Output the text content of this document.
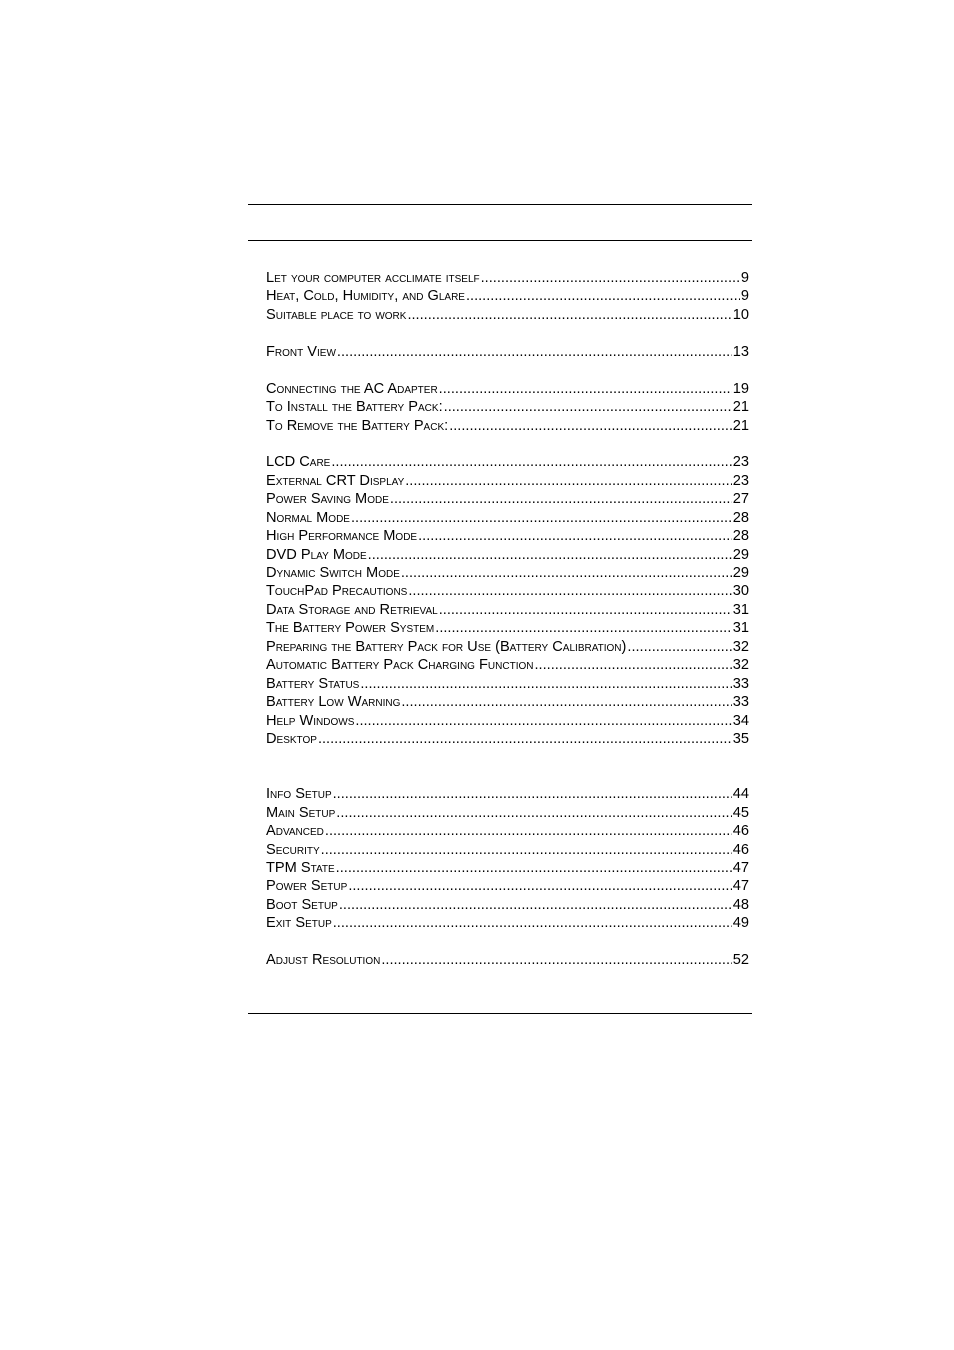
Let your computer acclimate itself .....	9
Heat, Cold, Humidity, and Glare .....	9
Suitable place to work .....	10
Front View .....	13
Connecting the AC Adapter .....	19
To Install the Battery Pack: .....	21
To Remove the Battery Pack: .....	21
LCD Care .....	23
External CRT Display .....	23
Power Saving Mode .....	27
Normal Mode .....	28
High Performance Mode .....	28
DVD Play Mode .....	29
Dynamic Switch Mode .....	29
TouchPad Precautions .....	30
Data Storage and Retrieval .....	31
The Battery Power System .....	31
Preparing the Battery Pack for Use (Battery Calibration) .....	32
Automatic Battery Pack Charging Function .....	32
Battery Status .....	33
Battery Low Warning .....	33
Help Windows .....	34
Desktop .....	35
Info Setup .....	44
Main Setup .....	45
Advanced .....	46
Security .....	46
TPM State .....	47
Power Setup .....	47
Boot Setup .....	48
Exit Setup .....	49
Adjust Resolution .....	52
